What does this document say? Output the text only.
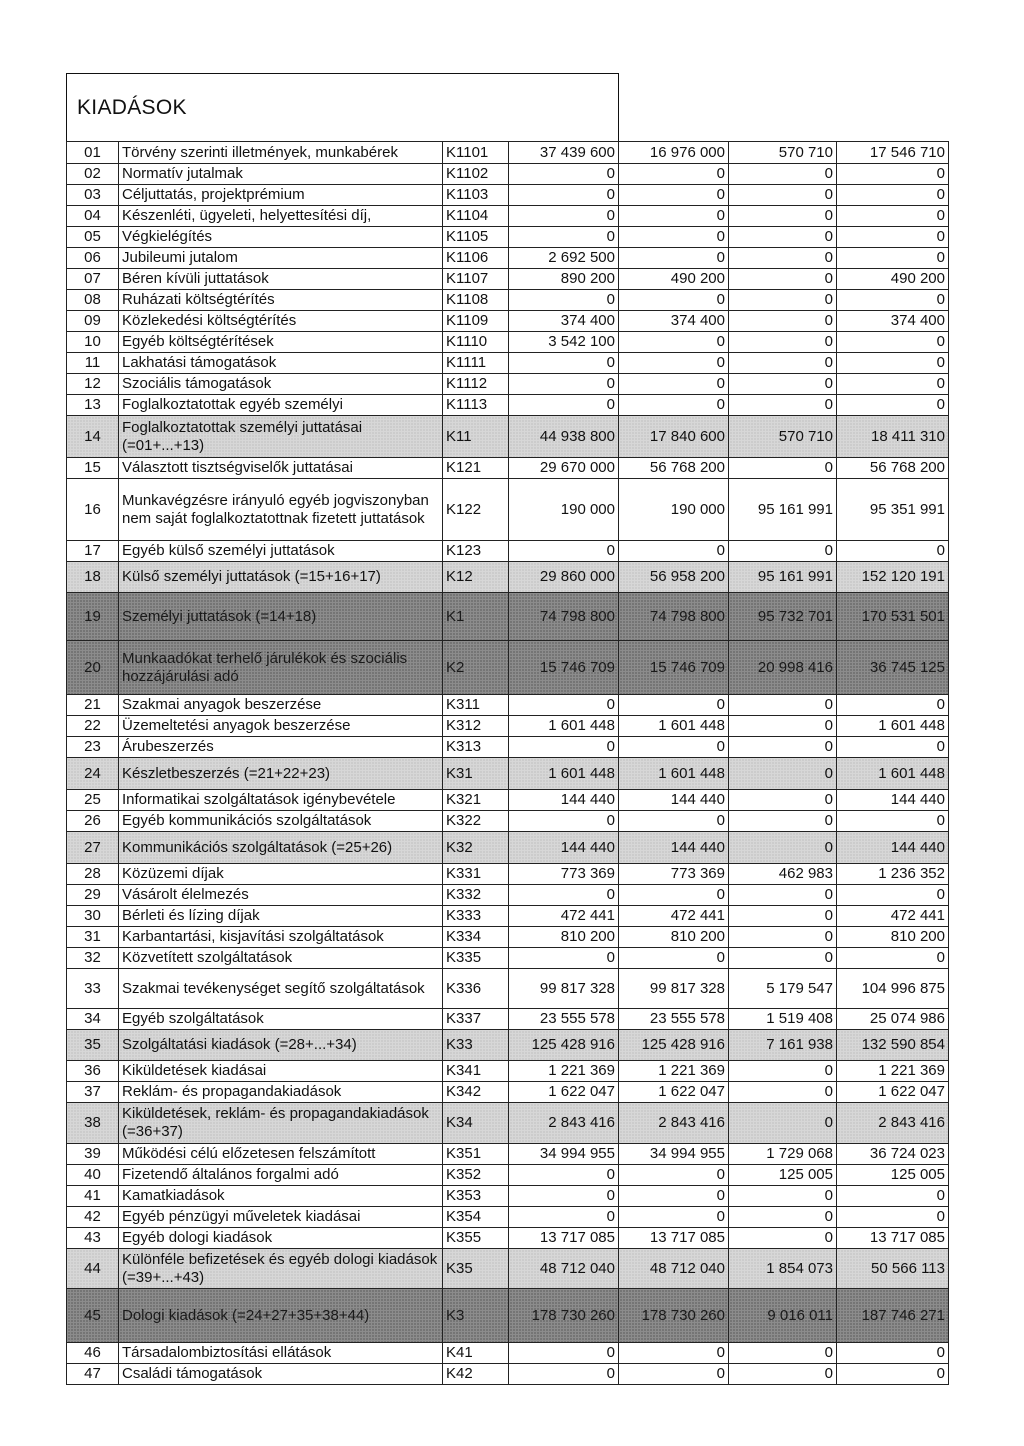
KIADÁSOK
01	Törvény szerinti illetmények, munkabérek	K1101	37 439 600	16 976 000	570 710	17 546 710
02	Normatív jutalmak	K1102	0	0	0	0
03	Céljuttatás, projektprémium	K1103	0	0	0	0
04	Készenléti, ügyeleti, helyettesítési díj,	K1104	0	0	0	0
05	Végkielégítés	K1105	0	0	0	0
06	Jubileumi jutalom	K1106	2 692 500	0	0	0
07	Béren kívüli juttatások	K1107	890 200	490 200	0	490 200
08	Ruházati költségtérítés	K1108	0	0	0	0
09	Közlekedési költségtérítés	K1109	374 400	374 400	0	374 400
10	Egyéb költségtérítések	K1110	3 542 100	0	0	0
11	Lakhatási támogatások	K1111	0	0	0	0
12	Szociális támogatások	K1112	0	0	0	0
13	Foglalkoztatottak egyéb személyi	K1113	0	0	0	0
14	Foglalkoztatottak személyi juttatásai (=01+...+13)	K11	44 938 800	17 840 600	570 710	18 411 310
15	Választott tisztségviselők juttatásai	K121	29 670 000	56 768 200	0	56 768 200
16	Munkavégzésre irányuló egyéb jogviszonyban nem saját foglalkoztatottnak fizetett juttatások	K122	190 000	190 000	95 161 991	95 351 991
17	Egyéb külső személyi juttatások	K123	0	0	0	0
18	Külső személyi juttatások (=15+16+17)	K12	29 860 000	56 958 200	95 161 991	152 120 191
19	Személyi juttatások (=14+18)	K1	74 798 800	74 798 800	95 732 701	170 531 501
20	Munkaadókat terhelő járulékok és szociális hozzájárulási adó	K2	15 746 709	15 746 709	20 998 416	36 745 125
21	Szakmai anyagok beszerzése	K311	0	0	0	0
22	Üzemeltetési anyagok beszerzése	K312	1 601 448	1 601 448	0	1 601 448
23	Árubeszerzés	K313	0	0	0	0
24	Készletbeszerzés (=21+22+23)	K31	1 601 448	1 601 448	0	1 601 448
25	Informatikai szolgáltatások igénybevétele	K321	144 440	144 440	0	144 440
26	Egyéb kommunikációs szolgáltatások	K322	0	0	0	0
27	Kommunikációs szolgáltatások (=25+26)	K32	144 440	144 440	0	144 440
28	Közüzemi díjak	K331	773 369	773 369	462 983	1 236 352
29	Vásárolt élelmezés	K332	0	0	0	0
30	Bérleti és lízing díjak	K333	472 441	472 441	0	472 441
31	Karbantartási, kisjavítási szolgáltatások	K334	810 200	810 200	0	810 200
32	Közvetített szolgáltatások	K335	0	0	0	0
33	Szakmai tevékenységet segítő szolgáltatások	K336	99 817 328	99 817 328	5 179 547	104 996 875
34	Egyéb szolgáltatások	K337	23 555 578	23 555 578	1 519 408	25 074 986
35	Szolgáltatási kiadások (=28+...+34)	K33	125 428 916	125 428 916	7 161 938	132 590 854
36	Kiküldetések kiadásai	K341	1 221 369	1 221 369	0	1 221 369
37	Reklám- és propagandakiadások	K342	1 622 047	1 622 047	0	1 622 047
38	Kiküldetések, reklám- és propagandakiadások (=36+37)	K34	2 843 416	2 843 416	0	2 843 416
39	Működési célú előzetesen felszámított	K351	34 994 955	34 994 955	1 729 068	36 724 023
40	Fizetendő általános forgalmi adó	K352	0	0	125 005	125 005
41	Kamatkiadások	K353	0	0	0	0
42	Egyéb pénzügyi műveletek kiadásai	K354	0	0	0	0
43	Egyéb dologi kiadások	K355	13 717 085	13 717 085	0	13 717 085
44	Különféle befizetések és egyéb dologi kiadások (=39+...+43)	K35	48 712 040	48 712 040	1 854 073	50 566 113
45	Dologi kiadások (=24+27+35+38+44)	K3	178 730 260	178 730 260	9 016 011	187 746 271
46	Társadalombiztosítási ellátások	K41	0	0	0	0
47	Családi támogatások	K42	0	0	0	0
